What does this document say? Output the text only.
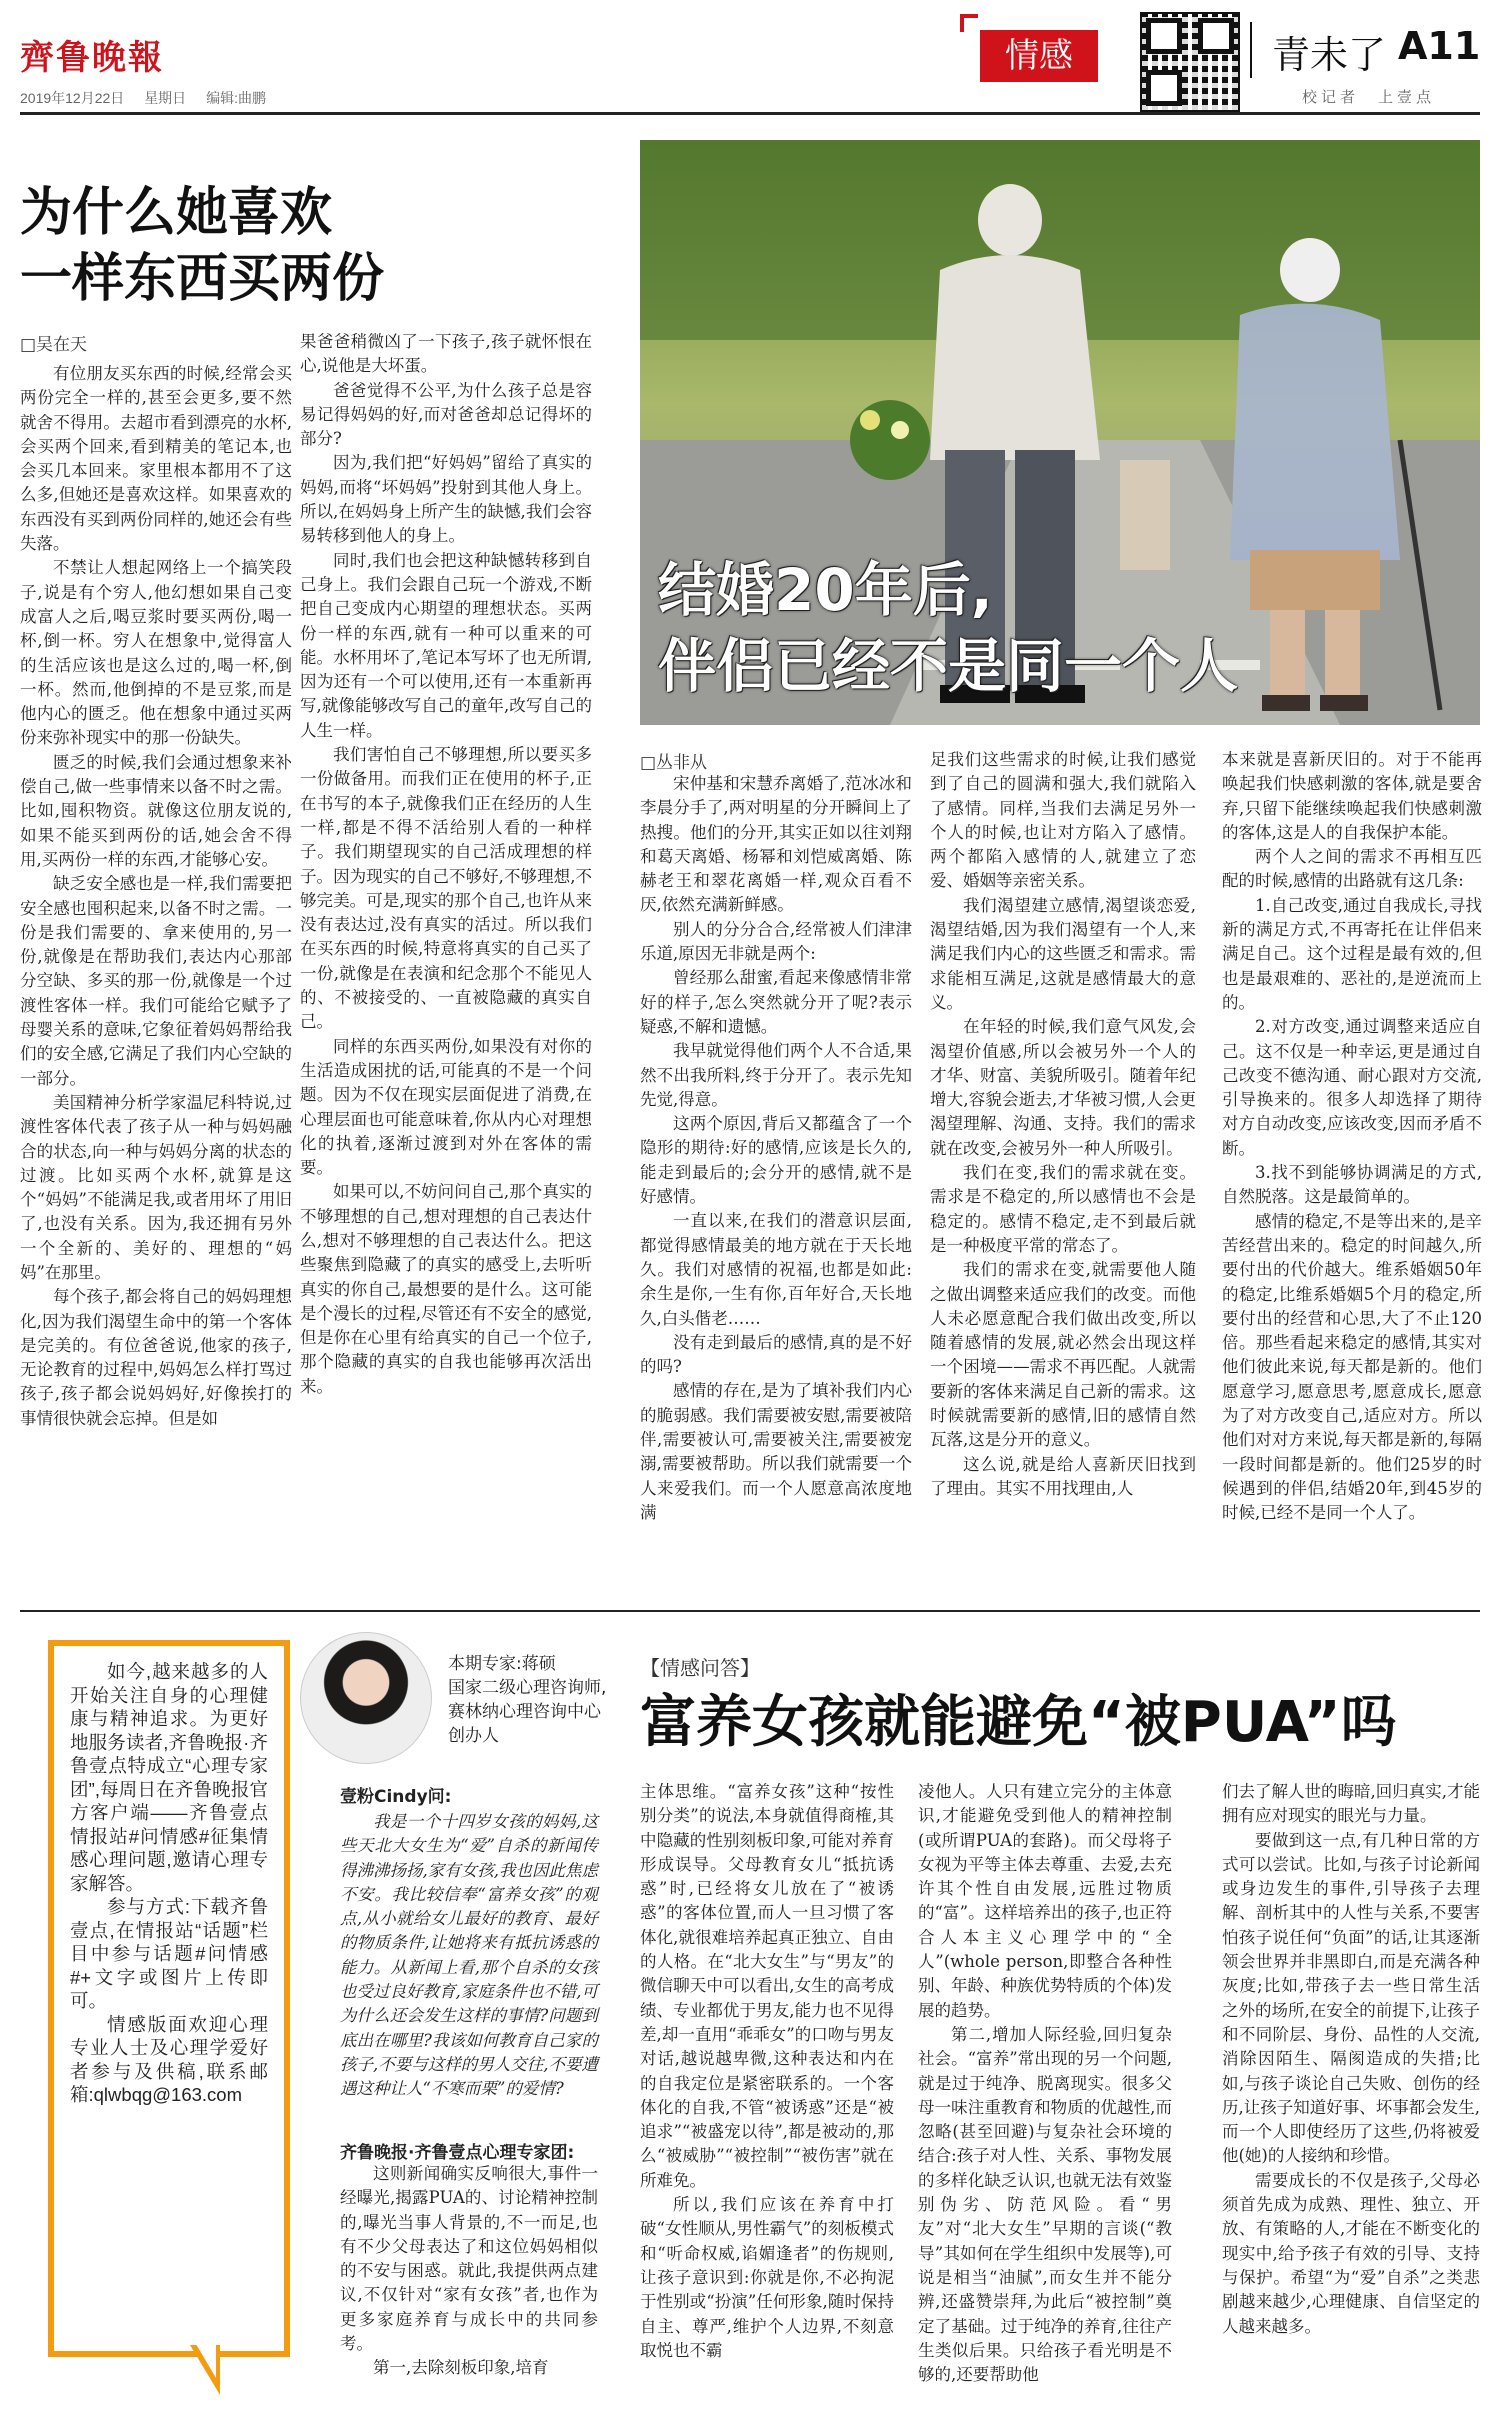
齊鲁晚報
2019年12月22日 星期日 编辑:曲鹏
情感	青未了 A11
校记者　上壹点
为什么她喜欢
一样东西买两份
□吴在天

有位朋友买东西的时候,经常会买两份完全一样的,甚至会更多,要不然就舍不得用。去超市看到漂亮的水杯,会买两个回来,看到精美的笔记本,也会买几本回来。家里根本都用不了这么多,但她还是喜欢这样。如果喜欢的东西没有买到两份同样的,她还会有些失落。

不禁让人想起网络上一个搞笑段子,说是有个穷人,他幻想如果自己变成富人之后,喝豆浆时要买两份,喝一杯,倒一杯。穷人在想象中,觉得富人的生活应该也是这么过的,喝一杯,倒一杯。然而,他倒掉的不是豆浆,而是他内心的匮乏。他在想象中通过买两份来弥补现实中的那一份缺失。

匮乏的时候,我们会通过想象来补偿自己,做一些事情来以备不时之需。比如,囤积物资。就像这位朋友说的,如果不能买到两份的话,她会舍不得用,买两份一样的东西,才能够心安。

缺乏安全感也是一样,我们需要把安全感也囤积起来,以备不时之需。一份是我们需要的、拿来使用的,另一份,就像是在帮助我们,表达内心那部分空缺、多买的那一份,就像是一个过渡性客体一样。我们可能给它赋予了母婴关系的意味,它象征着妈妈帮给我们的安全感,它满足了我们内心空缺的一部分。

美国精神分析学家温尼科特说,过渡性客体代表了孩子从一种与妈妈融合的状态,向一种与妈妈分离的状态的过渡。比如买两个水杯,就算是这个“妈妈”不能满足我,或者用坏了用旧了,也没有关系。因为,我还拥有另外一个全新的、美好的、理想的“妈妈”在那里。

每个孩子,都会将自己的妈妈理想化,因为我们渴望生命中的第一个客体是完美的。有位爸爸说,他家的孩子,无论教育的过程中,妈妈怎么样打骂过孩子,孩子都会说妈妈好,好像挨打的事情很快就会忘掉。但是如

果爸爸稍微凶了一下孩子,孩子就怀恨在心,说他是大坏蛋。

爸爸觉得不公平,为什么孩子总是容易记得妈妈的好,而对爸爸却总记得坏的部分?

因为,我们把“好妈妈”留给了真实的妈妈,而将“坏妈妈”投射到其他人身上。所以,在妈妈身上所产生的缺憾,我们会容易转移到他人的身上。

同时,我们也会把这种缺憾转移到自己身上。我们会跟自己玩一个游戏,不断把自己变成内心期望的理想状态。买两份一样的东西,就有一种可以重来的可能。水杯用坏了,笔记本写坏了也无所谓,因为还有一个可以使用,还有一本重新再写,就像能够改写自己的童年,改写自己的人生一样。

我们害怕自己不够理想,所以要买多一份做备用。而我们正在使用的杯子,正在书写的本子,就像我们正在经历的人生一样,都是不得不活给别人看的一种样子。我们期望现实的自己活成理想的样子。因为现实的自己不够好,不够理想,不够完美。可是,现实的那个自己,也许从来没有表达过,没有真实的活过。所以我们在买东西的时候,特意将真实的自己买了一份,就像是在表演和纪念那个不能见人的、不被接受的、一直被隐藏的真实自己。

同样的东西买两份,如果没有对你的生活造成困扰的话,可能真的不是一个问题。因为不仅在现实层面促进了消费,在心理层面也可能意味着,你从内心对理想化的执着,逐渐过渡到对外在客体的需要。

如果可以,不妨问问自己,那个真实的不够理想的自己,想对理想的自己表达什么,想对不够理想的自己表达什么。把这些聚焦到隐藏了的真实的感受上,去听听真实的你自己,最想要的是什么。这可能是个漫长的过程,尽管还有不安全的感觉,但是你在心里有给真实的自己一个位子,那个隐藏的真实的自我也能够再次活出来。

结婚20年后,
伴侣已经不是同一个人
□丛非从

宋仲基和宋慧乔离婚了,范冰冰和李晨分手了,两对明星的分开瞬间上了热搜。他们的分开,其实正如以往刘翔和葛天离婚、杨幂和刘恺威离婚、陈赫老王和翠花离婚一样,观众百看不厌,依然充满新鲜感。

别人的分分合合,经常被人们津津乐道,原因无非就是两个:

曾经那么甜蜜,看起来像感情非常好的样子,怎么突然就分开了呢?表示疑惑,不解和遗憾。

我早就觉得他们两个人不合适,果然不出我所料,终于分开了。表示先知先觉,得意。

这两个原因,背后又都蕴含了一个隐形的期待:好的感情,应该是长久的,能走到最后的;会分开的感情,就不是好感情。

一直以来,在我们的潜意识层面,都觉得感情最美的地方就在于天长地久。我们对感情的祝福,也都是如此:余生是你,一生有你,百年好合,天长地久,白头偕老……

没有走到最后的感情,真的是不好的吗?

感情的存在,是为了填补我们内心的脆弱感。我们需要被安慰,需要被陪伴,需要被认可,需要被关注,需要被宠溺,需要被帮助。所以我们就需要一个人来爱我们。而一个人愿意高浓度地满

足我们这些需求的时候,让我们感觉到了自己的圆满和强大,我们就陷入了感情。同样,当我们去满足另外一个人的时候,也让对方陷入了感情。两个都陷入感情的人,就建立了恋爱、婚姻等亲密关系。

我们渴望建立感情,渴望谈恋爱,渴望结婚,因为我们渴望有一个人,来满足我们内心的这些匮乏和需求。需求能相互满足,这就是感情最大的意义。

在年轻的时候,我们意气风发,会渴望价值感,所以会被另外一个人的才华、财富、美貌所吸引。随着年纪增大,容貌会逝去,才华被习惯,人会更渴望理解、沟通、支持。我们的需求就在改变,会被另外一种人所吸引。

我们在变,我们的需求就在变。需求是不稳定的,所以感情也不会是稳定的。感情不稳定,走不到最后就是一种极度平常的常态了。

我们的需求在变,就需要他人随之做出调整来适应我们的改变。而他人未必愿意配合我们做出改变,所以随着感情的发展,就必然会出现这样一个困境——需求不再匹配。人就需要新的客体来满足自己新的需求。这时候就需要新的感情,旧的感情自然瓦落,这是分开的意义。

这么说,就是给人喜新厌旧找到了理由。其实不用找理由,人

本来就是喜新厌旧的。对于不能再唤起我们快感刺激的客体,就是要舍弃,只留下能继续唤起我们快感刺激的客体,这是人的自我保护本能。

两个人之间的需求不再相互匹配的时候,感情的出路就有这几条:

1.自己改变,通过自我成长,寻找新的满足方式,不再寄托在让伴侣来满足自己。这个过程是最有效的,但也是最艰难的、恶社的,是逆流而上的。

2.对方改变,通过调整来适应自己。这不仅是一种幸运,更是通过自己改变不德沟通、耐心跟对方交流,引导换来的。很多人却选择了期待对方自动改变,应该改变,因而矛盾不断。

3.找不到能够协调满足的方式,自然脱落。这是最简单的。

感情的稳定,不是等出来的,是辛苦经营出来的。稳定的时间越久,所要付出的代价越大。维系婚姻50年的稳定,比维系婚姻5个月的稳定,所要付出的经营和心思,大了不止120倍。那些看起来稳定的感情,其实对他们彼此来说,每天都是新的。他们愿意学习,愿意思考,愿意成长,愿意为了对方改变自己,适应对方。所以他们对对方来说,每天都是新的,每隔一段时间都是新的。他们25岁的时候遇到的伴侣,结婚20年,到45岁的时候,已经不是同一个人了。

如今,越来越多的人开始关注自身的心理健康与精神追求。为更好地服务读者,齐鲁晚报·齐鲁壹点特成立“心理专家团”,每周日在齐鲁晚报官方客户端——齐鲁壹点情报站#问情感#征集情感心理问题,邀请心理专家解答。

参与方式:下载齐鲁壹点,在情报站“话题”栏目中参与话题#问情感#+文字或图片上传即可。

情感版面欢迎心理专业人士及心理学爱好者参与及供稿,联系邮箱:qlwbqg@163.com

本期专家:蒋硕
国家二级心理咨询师,赛林纳心理咨询中心创办人
【情感问答】
富养女孩就能避免“被PUA”吗
壹粉Cindy问:
我是一个十四岁女孩的妈妈,这些天北大女生为“爱”自杀的新闻传得沸沸扬扬,家有女孩,我也因此焦虑不安。我比较信奉“富养女孩”的观点,从小就给女儿最好的教育、最好的物质条件,让她将来有抵抗诱惑的能力。从新闻上看,那个自杀的女孩也受过良好教育,家庭条件也不错,可为什么还会发生这样的事情?问题到底出在哪里?我该如何教育自己家的孩子,不要与这样的男人交往,不要遭遇这种让人“不寒而栗”的爱情?
齐鲁晚报·齐鲁壹点心理专家团:

这则新闻确实反响很大,事件一经曝光,揭露PUA的、讨论精神控制的,曝光当事人背景的,不一而足,也有不少父母表达了和这位妈妈相似的不安与困惑。就此,我提供两点建议,不仅针对“家有女孩”者,也作为更多家庭养育与成长中的共同参考。

第一,去除刻板印象,培育

主体思维。“富养女孩”这种“按性别分类”的说法,本身就值得商榷,其中隐藏的性别刻板印象,可能对养育形成误导。父母教育女儿“抵抗诱惑”时,已经将女儿放在了“被诱惑”的客体位置,而人一旦习惯了客体化,就很难培养起真正独立、自由的人格。在“北大女生”与“男友”的微信聊天中可以看出,女生的高考成绩、专业都优于男友,能力也不见得差,却一直用“乖乖女”的口吻与男友对话,越说越卑微,这种表达和内在的自我定位是紧密联系的。一个客体化的自我,不管“被诱惑”还是“被追求”“被盛宠以待”,都是被动的,那么“被威胁”“被控制”“被伤害”就在所难免。

所以,我们应该在养育中打破“女性顺从,男性霸气”的刻板模式和“听命权威,谄媚逢者”的伤规则,让孩子意识到:你就是你,不必拘泥于性别或“扮演”任何形象,随时保持自主、尊严,维护个人边界,不刻意取悦也不霸

凌他人。人只有建立完分的主体意识,才能避免受到他人的精神控制(或所谓PUA的套路)。而父母将子女视为平等主体去尊重、去爱,去充许其个性自由发展,远胜过物质的“富”。这样培养出的孩子,也正符合人本主义心理学中的“全人”(whole person,即整合各种性别、年龄、种族优势特质的个体)发展的趋势。

第二,增加人际经验,回归复杂社会。“富养”常出现的另一个问题,就是过于纯净、脱离现实。很多父母一味注重教育和物质的优越性,而忽略(甚至回避)与复杂社会环境的结合:孩子对人性、关系、事物发展的多样化缺乏认识,也就无法有效鉴别伪劣、防范风险。看“男友”对“北大女生”早期的言谈(“教导”其如何在学生组织中发展等),可说是相当“油腻”,而女生并不能分辨,还盛赞崇拜,为此后“被控制”奠定了基础。过于纯净的养育,往往产生类似后果。只给孩子看光明是不够的,还要帮助他

们去了解人世的晦暗,回归真实,才能拥有应对现实的眼光与力量。

要做到这一点,有几种日常的方式可以尝试。比如,与孩子讨论新闻或身边发生的事件,引导孩子去理解、剖析其中的人性与关系,不要害怕孩子说任何“负面”的话,让其逐渐领会世界并非黑即白,而是充满各种灰度;比如,带孩子去一些日常生活之外的场所,在安全的前提下,让孩子和不同阶层、身份、品性的人交流,消除因陌生、隔阂造成的失措;比如,与孩子谈论自己失败、创伤的经历,让孩子知道好事、坏事都会发生,而一个人即使经历了这些,仍将被爱他(她)的人接纳和珍惜。

需要成长的不仅是孩子,父母必须首先成为成熟、理性、独立、开放、有策略的人,才能在不断变化的现实中,给予孩子有效的引导、支持与保护。希望“为“爱”自杀”之类悲剧越来越少,心理健康、自信坚定的人越来越多。
